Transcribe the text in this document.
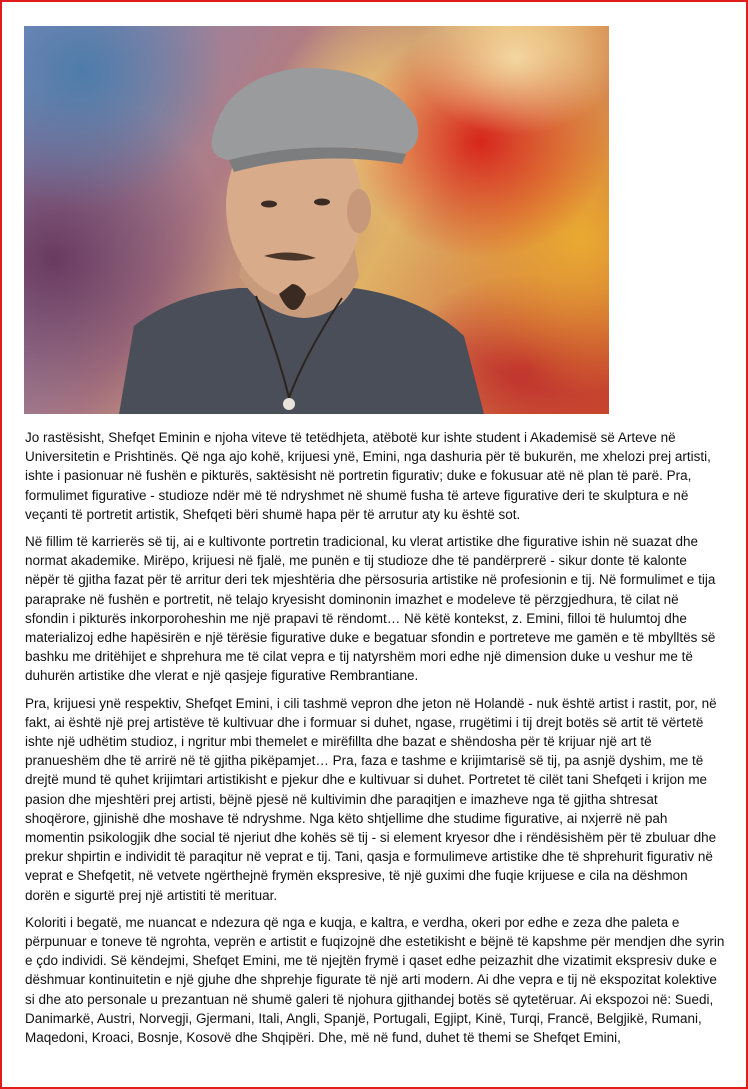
Jo rastësisht, Shefqet Eminin e njoha viteve të tetëdhjeta, atëbotë kur ishte student i Akademisë së Arteve në Universitetin e Prishtinës. Që nga ajo kohë, krijuesi ynë, Emini, nga dashuria për të bukurën, me xhelozi prej artisti, ishte i pasionuar në fushën e pikturës, saktësisht në portretin figurativ; duke e fokusuar atë në plan të parë. Pra, formulimet figurative - studioze ndër më të ndryshmet në shumë fusha të arteve figurative deri te skulptura e në veçanti të portretit artistik, Shefqeti bëri shumë hapa për të arrutur aty ku është sot.

Në fillim të karrierës së tij, ai e kultivonte portretin tradicional, ku vlerat artistike dhe figurative ishin në suazat dhe normat akademike. Mirëpo, krijuesi në fjalë, me punën e tij studioze dhe të pandërprerë - sikur donte të kalonte nëpër të gjitha fazat për të arritur deri tek mjeshtëria dhe përsosuria artistike në profesionin e tij. Në formulimet e tija paraprake në fushën e portretit, në telajo kryesisht dominonin imazhet e modeleve të përzgjedhura, të cilat në sfondin i pikturës inkorporoheshin me një prapavi të rëndomt… Në këtë kontekst, z. Emini, filloi të hulumtoj dhe materializoj edhe hapësirën e një tërësie figurative duke e begatuar sfondin e portreteve me gamën e të mbylltës së bashku me dritëhijet e shprehura me të cilat vepra e tij natyrshëm mori edhe një dimension duke u veshur me të duhurën artistike dhe vlerat e një qasjeje figurative Rembrantiane.

Pra, krijuesi ynë respektiv, Shefqet Emini, i cili tashmë vepron dhe jeton në Holandë - nuk është artist i rastit, por, në fakt, ai është një prej artistëve të kultivuar dhe i formuar si duhet, ngase, rrugëtimi i tij drejt botës së artit të vërtetë ishte një udhëtim studioz, i ngritur mbi themelet e mirëfillta dhe bazat e shëndosha për të krijuar një art të pranueshëm dhe të arrirë në të gjitha pikëpamjet… Pra, faza e tashme e krijimtarisë së tij, pa asnjë dyshim, me të drejtë mund të quhet krijimtari artistikisht e pjekur dhe e kultivuar si duhet. Portretet të cilët tani Shefqeti i krijon me pasion dhe mjeshtëri prej artisti, bëjnë pjesë në kultivimin dhe paraqitjen e imazheve nga të gjitha shtresat shoqërore, gjinishë dhe moshave të ndryshme. Nga këto shtjellime dhe studime figurative, ai nxjerrë në pah momentin psikologjik dhe social të njeriut dhe kohës së tij - si element kryesor dhe i rëndësishëm për të zbuluar dhe prekur shpirtin e individit të paraqitur në veprat e tij. Tani, qasja e formulimeve artistike dhe të shprehurit figurativ në veprat e Shefqetit, në vetvete ngërthejnë frymën ekspresive, të një guximi dhe fuqie krijuese e cila na dëshmon dorën e sigurtë prej një artistiti të merituar.

Koloriti i begatë, me nuancat e ndezura që nga e kuqja, e kaltra, e verdha, okeri por edhe e zeza dhe paleta e përpunuar e toneve të ngrohta, veprën e artistit e fuqizojnë dhe estetikisht e bëjnë të kapshme për mendjen dhe syrin e çdo individi. Së këndejmi, Shefqet Emini, me të njejtën frymë i qaset edhe peizazhit dhe vizatimit ekspresiv duke e dëshmuar kontinuitetin e një gjuhe dhe shprehje figurate të një arti modern. Ai dhe vepra e tij në ekspozitat kolektive si dhe ato personale u prezantuan në shumë galeri të njohura gjithandej botës së qytetëruar. Ai ekspozoi në: Suedi, Danimarkë, Austri, Norvegji, Gjermani, Itali, Angli, Spanjë, Portugali, Egjipt, Kinë, Turqi, Francë, Belgjikë, Rumani, Maqedoni, Kroaci, Bosnje, Kosovë dhe Shqipëri. Dhe, më në fund, duhet të themi se Shefqet Emini,
